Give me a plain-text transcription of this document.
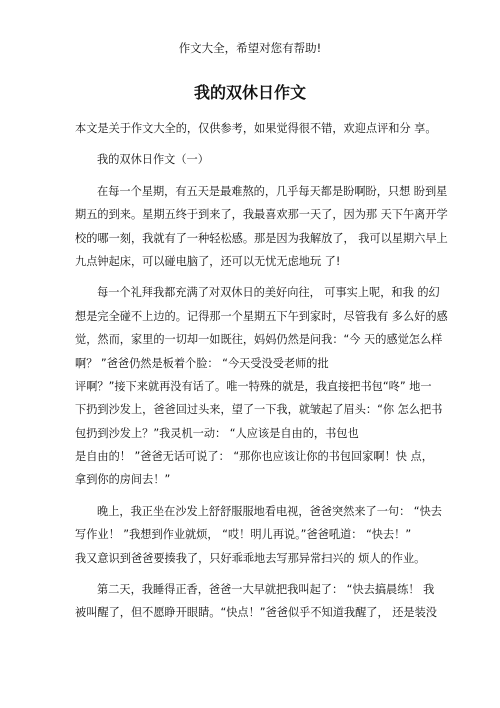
作文大全，希望对您有帮助!
我的双休日作文
本文是关于作文大全的，仅供参考，如果觉得很不错，欢迎点评和分 享。
我的双休日作文（一）
在每一个星期，有五天是最难熬的，几乎每天都是盼啊盼，只想 盼到星
期五的到来。星期五终于到来了，我最喜欢那一天了，因为那 天下午离开学
校的哪一刻，我就有了一种轻松感。那是因为我解放了， 我可以星期六早上
九点钟起床，可以碰电脑了，还可以无忧无虑地玩 了!
每一个礼拜我都充满了对双休日的美好向往， 可事实上呢，和我 的幻
想是完全碰不上边的。记得那一个星期五下午到家时，尽管我有 多么好的感
觉，然而，家里的一切却一如既往，妈妈仍然是问我：“今 天的感觉怎么样
啊？ ”爸爸仍然是板着个脸： “今天受没受老师的批
评啊？”接下来就再没有话了。唯一特殊的就是，我直接把书包“咚” 地一
下扔到沙发上，爸爸回过头来，望了一下我，就皱起了眉头：“你 怎么把书
包扔到沙发上？”我灵机一动： “人应该是自由的，书包也
是自由的！ ”爸爸无话可说了： “那你也应该让你的书包回家啊！快 点，
拿到你的房间去！”
晚上，我正坐在沙发上舒舒服服地看电视，爸爸突然来了一句： “快去
写作业！ ”我想到作业就烦， “哎！明儿再说。”爸爸吼道： “快去！”
我又意识到爸爸要揍我了，只好乖乖地去写那异常扫兴的 烦人的作业。
第二天，我睡得正香，爸爸一大早就把我叫起了： “快去搞晨练！ 我
被叫醒了，但不愿睁开眼睛。“快点！”爸爸似乎不知道我醒了， 还是装没
